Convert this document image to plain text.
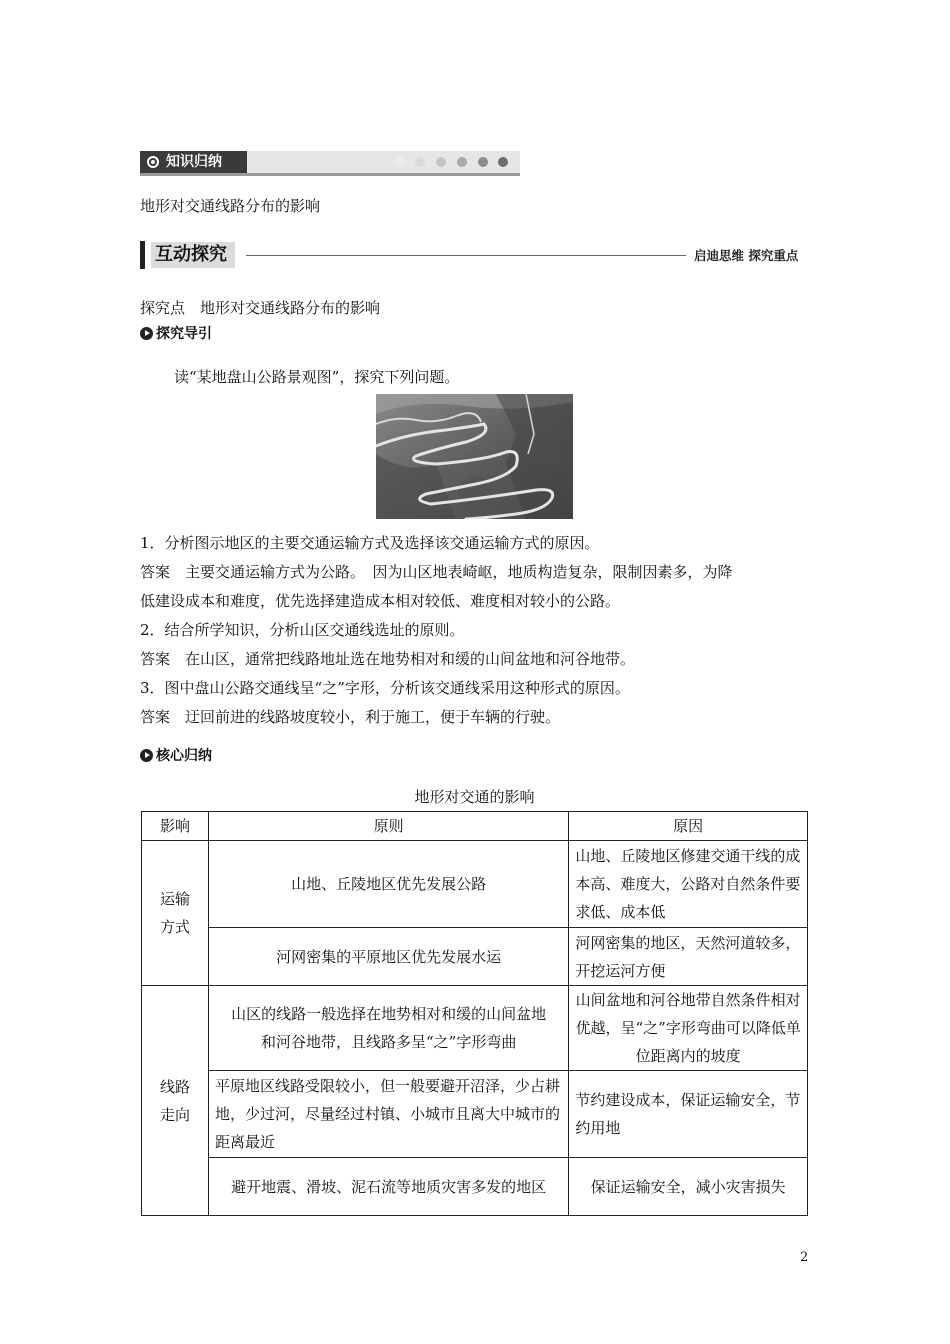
知识归纳
地形对交通线路分布的影响
互动探究	启迪思维 探究重点
探究点　地形对交通线路分布的影响
探究导引
读“某地盘山公路景观图”，探究下列问题。
1．分析图示地区的主要交通运输方式及选择该交通运输方式的原因。
答案　主要交通运输方式为公路。　因为山区地表崎岖，地质构造复杂，限制因素多，为降
低建设成本和难度，优先选择建造成本相对较低、难度相对较小的公路。
2．结合所学知识，分析山区交通线选址的原则。
答案　在山区，通常把线路地址选在地势相对和缓的山间盆地和河谷地带。
3．图中盘山公路交通线呈“之”字形，分析该交通线采用这种形式的原因。
答案　迂回前进的线路坡度较小，利于施工，便于车辆的行驶。
核心归纳
地形对交通的影响
影响	原则	原因

运输方式	山地、丘陵地区优先发展公路	山地、丘陵地区修建交通干线的成本高、难度大，公路对自然条件要求低、成本低
	河网密集的平原地区优先发展水运	河网密集的地区，天然河道较多，开挖运河方便

线路走向	山区的线路一般选择在地势相对和缓的山间盆地和河谷地带，且线路多呈“之”字形弯曲	山间盆地和河谷地带自然条件相对优越，呈“之”字形弯曲可以降低单位距离内的坡度
	平原地区线路受限较小，但一般要避开沼泽，少占耕地，少过河，尽量经过村镇、小城市且离大中城市的距离最近	节约建设成本，保证运输安全，节约用地
	避开地震、滑坡、泥石流等地质灾害多发的地区	保证运输安全，减小灾害损失
2
